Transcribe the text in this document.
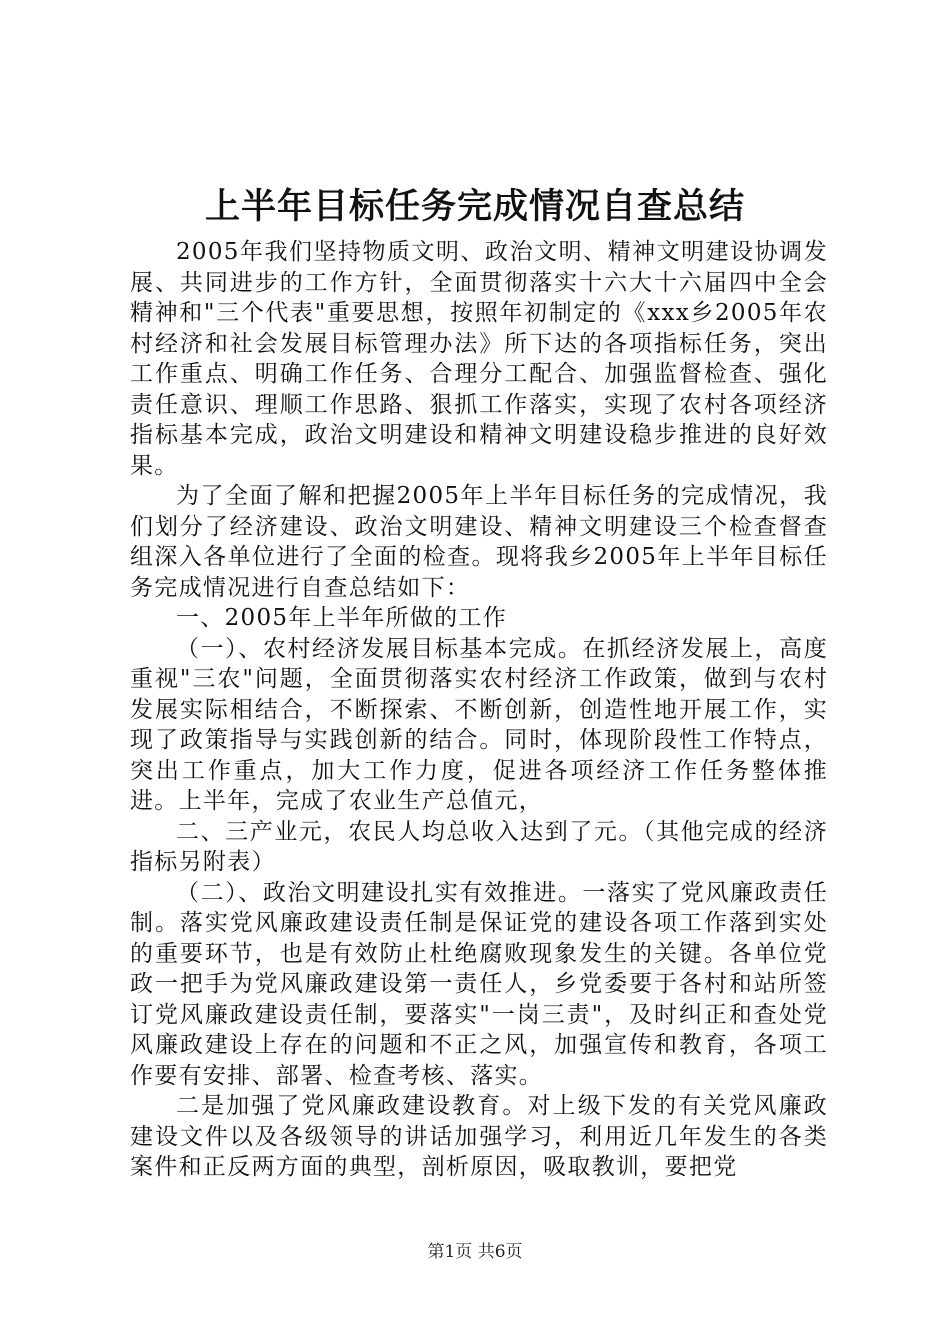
上半年目标任务完成情况自查总结

2005年我们坚持物质文明、政治文明、精神文明建设协调发展、共同进步的工作方针，全面贯彻落实十六大十六届四中全会精神和"三个代表"重要思想，按照年初制定的《xxx乡2005年农村经济和社会发展目标管理办法》所下达的各项指标任务，突出工作重点、明确工作任务、合理分工配合、加强监督检查、强化责任意识、理顺工作思路、狠抓工作落实，实现了农村各项经济指标基本完成，政治文明建设和精神文明建设稳步推进的良好效果。

为了全面了解和把握2005年上半年目标任务的完成情况，我们划分了经济建设、政治文明建设、精神文明建设三个检查督查组深入各单位进行了全面的检查。现将我乡2005年上半年目标任务完成情况进行自查总结如下：

一、2005年上半年所做的工作

（一）、农村经济发展目标基本完成。在抓经济发展上，高度重视"三农"问题，全面贯彻落实农村经济工作政策，做到与农村发展实际相结合，不断探索、不断创新，创造性地开展工作，实现了政策指导与实践创新的结合。同时，体现阶段性工作特点，突出工作重点，加大工作力度，促进各项经济工作任务整体推进。上半年，完成了农业生产总值元，

二、三产业元，农民人均总收入达到了元。（其他完成的经济指标另附表）

（二）、政治文明建设扎实有效推进。一落实了党风廉政责任制。落实党风廉政建设责任制是保证党的建设各项工作落到实处的重要环节，也是有效防止杜绝腐败现象发生的关键。各单位党政一把手为党风廉政建设第一责任人，乡党委要于各村和站所签订党风廉政建设责任制，要落实"一岗三责"，及时纠正和查处党风廉政建设上存在的问题和不正之风，加强宣传和教育，各项工作要有安排、部署、检查考核、落实。

二是加强了党风廉政建设教育。对上级下发的有关党风廉政建设文件以及各级领导的讲话加强学习，利用近几年发生的各类案件和正反两方面的典型，剖析原因，吸取教训，要把党

第1页 共6页
